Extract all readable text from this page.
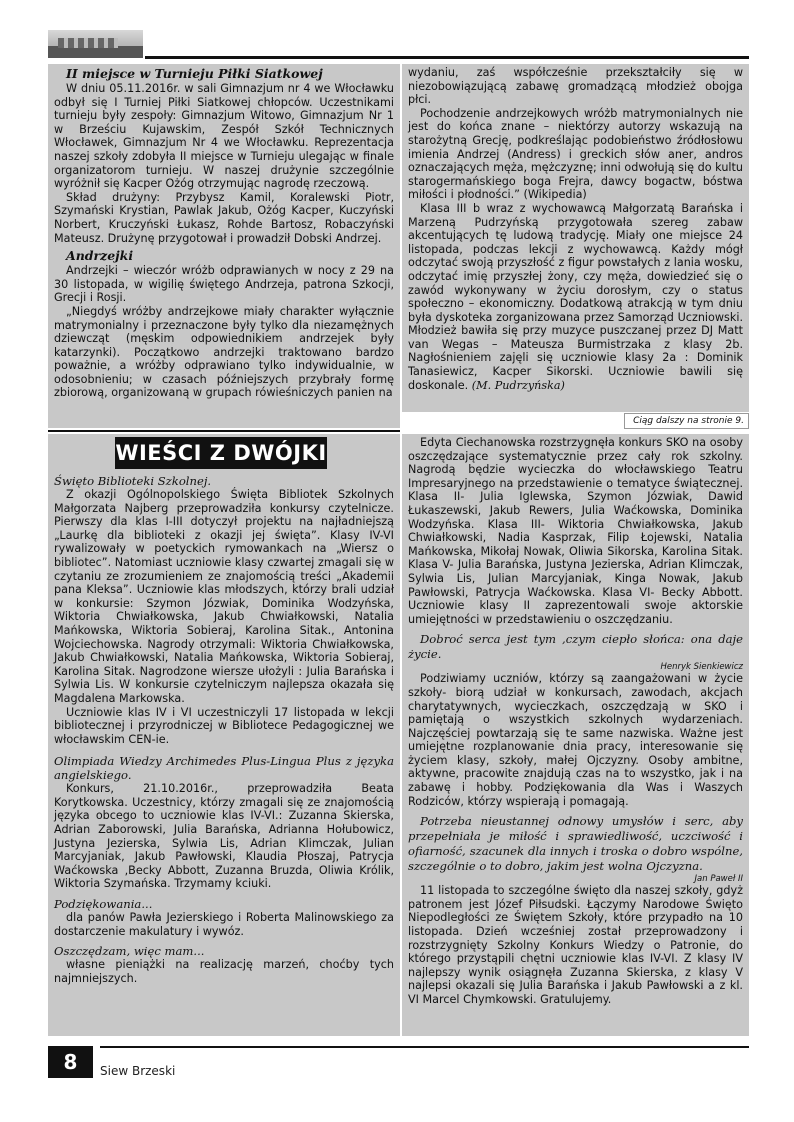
II miejsce w Turnieju Piłki Siatkowej

W dniu 05.11.2016r. w sali Gimnazjum nr 4 we Włocławku odbył się I Turniej Piłki Siatkowej chłopców. Uczestnikami turnieju były zespoły: Gimnazjum Witowo, Gimnazjum Nr 1 w Brześciu Kujawskim, Zespół Szkół Technicznych Włocławek, Gimnazjum Nr 4 we Włocławku. Reprezentacja naszej szkoły zdobyła II miejsce w Turnieju ulegając w finale organizatorom turnieju. W naszej drużynie szczególnie wyróżnił się Kacper Ożóg otrzymując nagrodę rzeczową.

Skład drużyny: Przybysz Kamil, Koralewski Piotr, Szymański Krystian, Pawlak Jakub, Ożóg Kacper, Kuczyński Norbert, Kruczyński Łukasz, Rohde Bartosz, Robaczyński Mateusz. Drużynę przygotował i prowadził Dobski Andrzej.

Andrzejki

Andrzejki – wieczór wróżb odprawianych w nocy z 29 na 30 listopada, w wigilię świętego Andrzeja, patrona Szkocji, Grecji i Rosji.

„Niegdyś wróżby andrzejkowe miały charakter wyłącznie matrymonialny i przeznaczone były tylko dla niezamężnych dziewcząt (męskim odpowiednikiem andrzejek były katarzynki). Początkowo andrzejki traktowano bardzo poważnie, a wróżby odprawiano tylko indywidualnie, w odosobnieniu; w czasach późniejszych przybrały formę zbiorową, organizowaną w grupach rówieśniczych panien na

wydaniu, zaś współcześnie przekształciły się w niezobowiązującą zabawę gromadzącą młodzież obojga płci.

Pochodzenie andrzejkowych wróżb matrymonialnych nie jest do końca znane – niektórzy autorzy wskazują na starożytną Grecję, podkreślając podobieństwo źródłosłowu imienia Andrzej (Andress) i greckich słów aner, andros oznaczających męża, mężczyznę; inni odwołują się do kultu starogermańskiego boga Frejra, dawcy bogactw, bóstwa miłości i płodności.” (Wikipedia)

Klasa III b wraz z wychowawcą Małgorzatą Barańska i Marzeną Pudrzyńską przygotowała szereg zabaw akcentujących tę ludową tradycję. Miały one miejsce 24 listopada, podczas lekcji z wychowawcą. Każdy mógł odczytać swoją przyszłość z figur powstałych z lania wosku, odczytać imię przyszłej żony, czy męża, dowiedzieć się o zawód wykonywany w życiu dorosłym, czy o status społeczno – ekonomiczny. Dodatkową atrakcją w tym dniu była dyskoteka zorganizowana przez Samorząd Uczniowski. Młodzież bawiła się przy muzyce puszczanej przez DJ Matt van Wegas – Mateusza Burmistrzaka z klasy 2b. Nagłośnieniem zajęli się uczniowie klasy 2a : Dominik Tanasiewicz, Kacper Sikorski. Uczniowie bawili się doskonale. (M. Pudrzyńska)

Ciąg dalszy na stronie 9.

Święto Biblioteki Szkolnej.

Z okazji Ogólnopolskiego Święta Bibliotek Szkolnych Małgorzata Najberg przeprowadziła konkursy czytelnicze. Pierwszy dla klas I-III dotyczył projektu na najładniejszą „Laurkę dla biblioteki z okazji jej święta”. Klasy IV-VI rywalizowały w poetyckich rymowankach na „Wiersz o bibliotec”. Natomiast uczniowie klasy czwartej zmagali się w czytaniu ze zrozumieniem ze znajomością treści „Akademii pana Kleksa”. Uczniowie klas młodszych, którzy brali udział w konkursie: Szymon Józwiak, Dominika Wodzyńska, Wiktoria Chwiałkowska, Jakub Chwiałkowski, Natalia Mańkowska, Wiktoria Sobieraj, Karolina Sitak., Antonina Wojciechowska. Nagrody otrzymali: Wiktoria Chwiałkowska, Jakub Chwiałkowski, Natalia Mańkowska, Wiktoria Sobieraj, Karolina Sitak. Nagrodzone wiersze ułożyli : Julia Barańska i Sylwia Lis. W konkursie czytelniczym najlepsza okazała się Magdalena Markowska.

Uczniowie klas IV i VI uczestniczyli 17 listopada w lekcji bibliotecznej i przyrodniczej w Bibliotece Pedagogicznej we włocławskim CEN-ie.

Olimpiada Wiedzy Archimedes Plus-Lingua Plus z języka angielskiego.

Konkurs, 21.10.2016r., przeprowadziła Beata Korytkowska. Uczestnicy, którzy zmagali się ze znajomością języka obcego to uczniowie klas IV-VI.: Zuzanna Skierska, Adrian Zaborowski, Julia Barańska, Adrianna Hołubowicz, Justyna Jezierska, Sylwia Lis, Adrian Klimczak, Julian Marcyjaniak, Jakub Pawłowski, Klaudia Płoszaj, Patrycja Waćkowska ,Becky Abbott, Zuzanna Bruzda, Oliwia Królik, Wiktoria Szymańska. Trzymamy kciuki.

Podziękowania...

dla panów Pawła Jezierskiego i Roberta Malinowskiego za dostarczenie makulatury i wywóz.

Oszczędzam, więc mam...

własne pieniążki na realizację marzeń, choćby tych najmniejszych.

WIEŚCI Z DWÓJKI	Edyta Ciechanowska rozstrzygnęła konkurs SKO na osoby oszczędzające systematycznie przez cały rok szkolny. Nagrodą będzie wycieczka do włocławskiego Teatru Impresaryjnego na przedstawienie o tematyce świątecznej. Klasa II- Julia Iglewska, Szymon Józwiak, Dawid Łukaszewski, Jakub Rewers, Julia Waćkowska, Dominika Wodzyńska. Klasa III- Wiktoria Chwiałkowska, Jakub Chwiałkowski, Nadia Kasprzak, Filip Łojewski, Natalia Mańkowska, Mikołaj Nowak, Oliwia Sikorska, Karolina Sitak. Klasa V- Julia Barańska, Justyna Jezierska, Adrian Klimczak, Sylwia Lis, Julian Marcyjaniak, Kinga Nowak, Jakub Pawłowski, Patrycja Waćkowska. Klasa VI- Becky Abbott. Uczniowie klasy II zaprezentowali swoje aktorskie umiejętności w przedstawieniu o oszczędzaniu.

Dobroć serca jest tym ,czym ciepło słońca: ona daje życie.

Henryk Sienkiewicz

Podziwiamy uczniów, którzy są zaangażowani w życie szkoły- biorą udział w konkursach, zawodach, akcjach charytatywnych, wycieczkach, oszczędzają w SKO i pamiętają o wszystkich szkolnych wydarzeniach. Najczęściej powtarzają się te same nazwiska. Ważne jest umiejętne rozplanowanie dnia pracy, interesowanie się życiem klasy, szkoły, małej Ojczyzny. Osoby ambitne, aktywne, pracowite znajdują czas na to wszystko, jak i na zabawę i hobby. Podziękowania dla Was i Waszych Rodziców, którzy wspierają i pomagają.

Potrzeba nieustannej odnowy umysłów i serc, aby przepełniała je miłość i sprawiedliwość, uczciwość i ofiarność, szacunek dla innych i troska o dobro wspólne, szczególnie o to dobro, jakim jest wolna Ojczyzna.

Jan Paweł II

11 listopada to szczególne święto dla naszej szkoły, gdyż patronem jest Józef Piłsudski. Łączymy Narodowe Święto Niepodległości ze Świętem Szkoły, które przypadło na 10 listopada. Dzień wcześniej został przeprowadzony i rozstrzygnięty Szkolny Konkurs Wiedzy o Patronie, do którego przystąpili chętni uczniowie klas IV-VI. Z klasy IV najlepszy wynik osiągnęła Zuzanna Skierska, z klasy V najlepsi okazali się Julia Barańska i Jakub Pawłowski a z kl. VI Marcel Chymkowski. Gratulujemy.

8	Siew Brzeski
